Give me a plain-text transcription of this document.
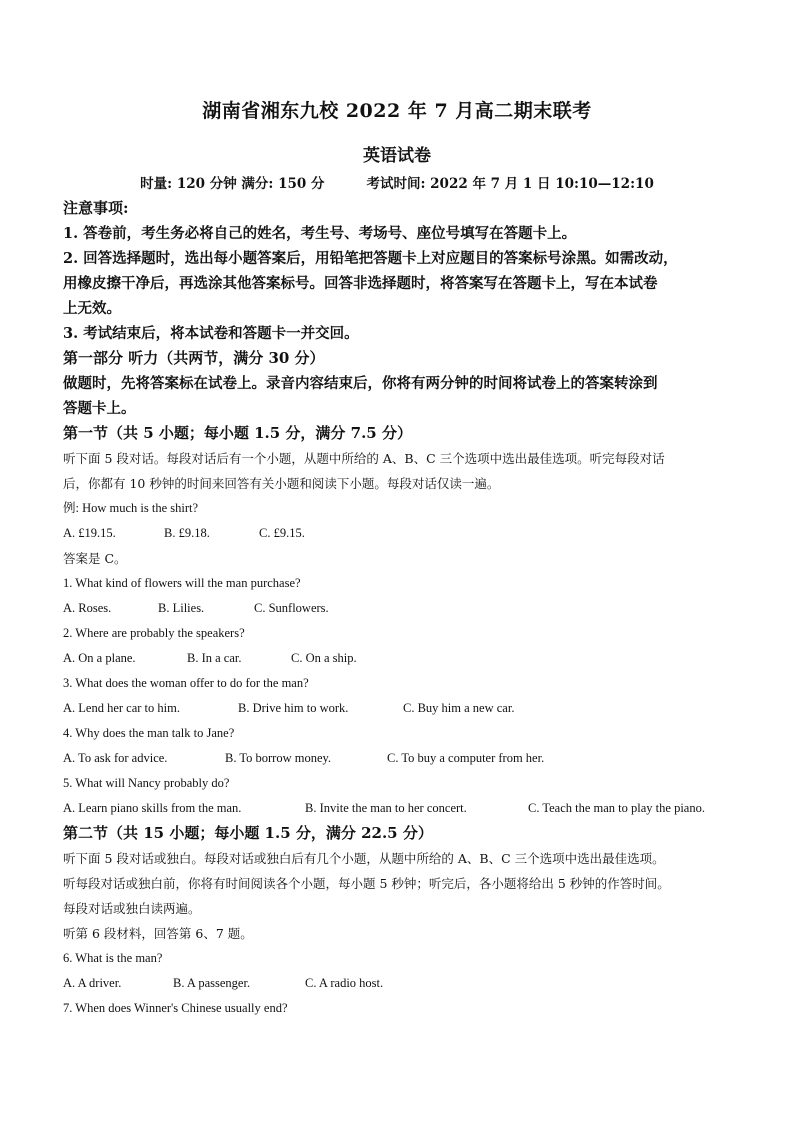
湖南省湘东九校 2022 年 7 月高二期末联考
英语试卷
时量: 120 分钟 满分: 150 分	考试时间: 2022 年 7 月 1 日 10:10—12:10
注意事项:
1. 答卷前，考生务必将自己的姓名，考生号、考场号、座位号填写在答题卡上。
2. 回答选择题时，选出每小题答案后，用铅笔把答题卡上对应题目的答案标号涂黑。如需改动，
用橡皮擦干净后，再选涂其他答案标号。回答非选择题时，将答案写在答题卡上，写在本试卷
上无效。
3. 考试结束后，将本试卷和答题卡一并交回。
第一部分 听力（共两节，满分 30 分）
做题时，先将答案标在试卷上。录音内容结束后，你将有两分钟的时间将试卷上的答案转涂到
答题卡上。
第一节（共 5 小题；每小题 1.5 分，满分 7.5 分）
听下面 5 段对话。每段对话后有一个小题，从题中所给的 A、B、C 三个选项中选出最佳选项。听完每段对话
后，你都有 10 秒钟的时间来回答有关小题和阅读下小题。每段对话仅读一遍。
例: How much is the shirt?
A. £19.15.	B. £9.18.	C. £9.15.
答案是 C。
1. What kind of flowers will the man purchase?
A. Roses.	B. Lilies.	C. Sunflowers.
2. Where are probably the speakers?
A. On a plane.	B. In a car.	C. On a ship.
3. What does the woman offer to do for the man?
A. Lend her car to him.	B. Drive him to work.	C. Buy him a new car.
4. Why does the man talk to Jane?
A. To ask for advice.	B. To borrow money.	C. To buy a computer from her.
5. What will Nancy probably do?
A. Learn piano skills from the man.	B. Invite the man to her concert.	C. Teach the man to play the piano.
第二节（共 15 小题；每小题 1.5 分，满分 22.5 分）
听下面 5 段对话或独白。每段对话或独白后有几个小题，从题中所给的 A、B、C 三个选项中选出最佳选项。
听每段对话或独白前，你将有时间阅读各个小题，每小题 5 秒钟；听完后，各小题将给出 5 秒钟的作答时间。
每段对话或独白读两遍。
听第 6 段材料，回答第 6、7 题。
6. What is the man?
A. A driver.	B. A passenger.	C. A radio host.
7. When does Winner's Chinese usually end?
